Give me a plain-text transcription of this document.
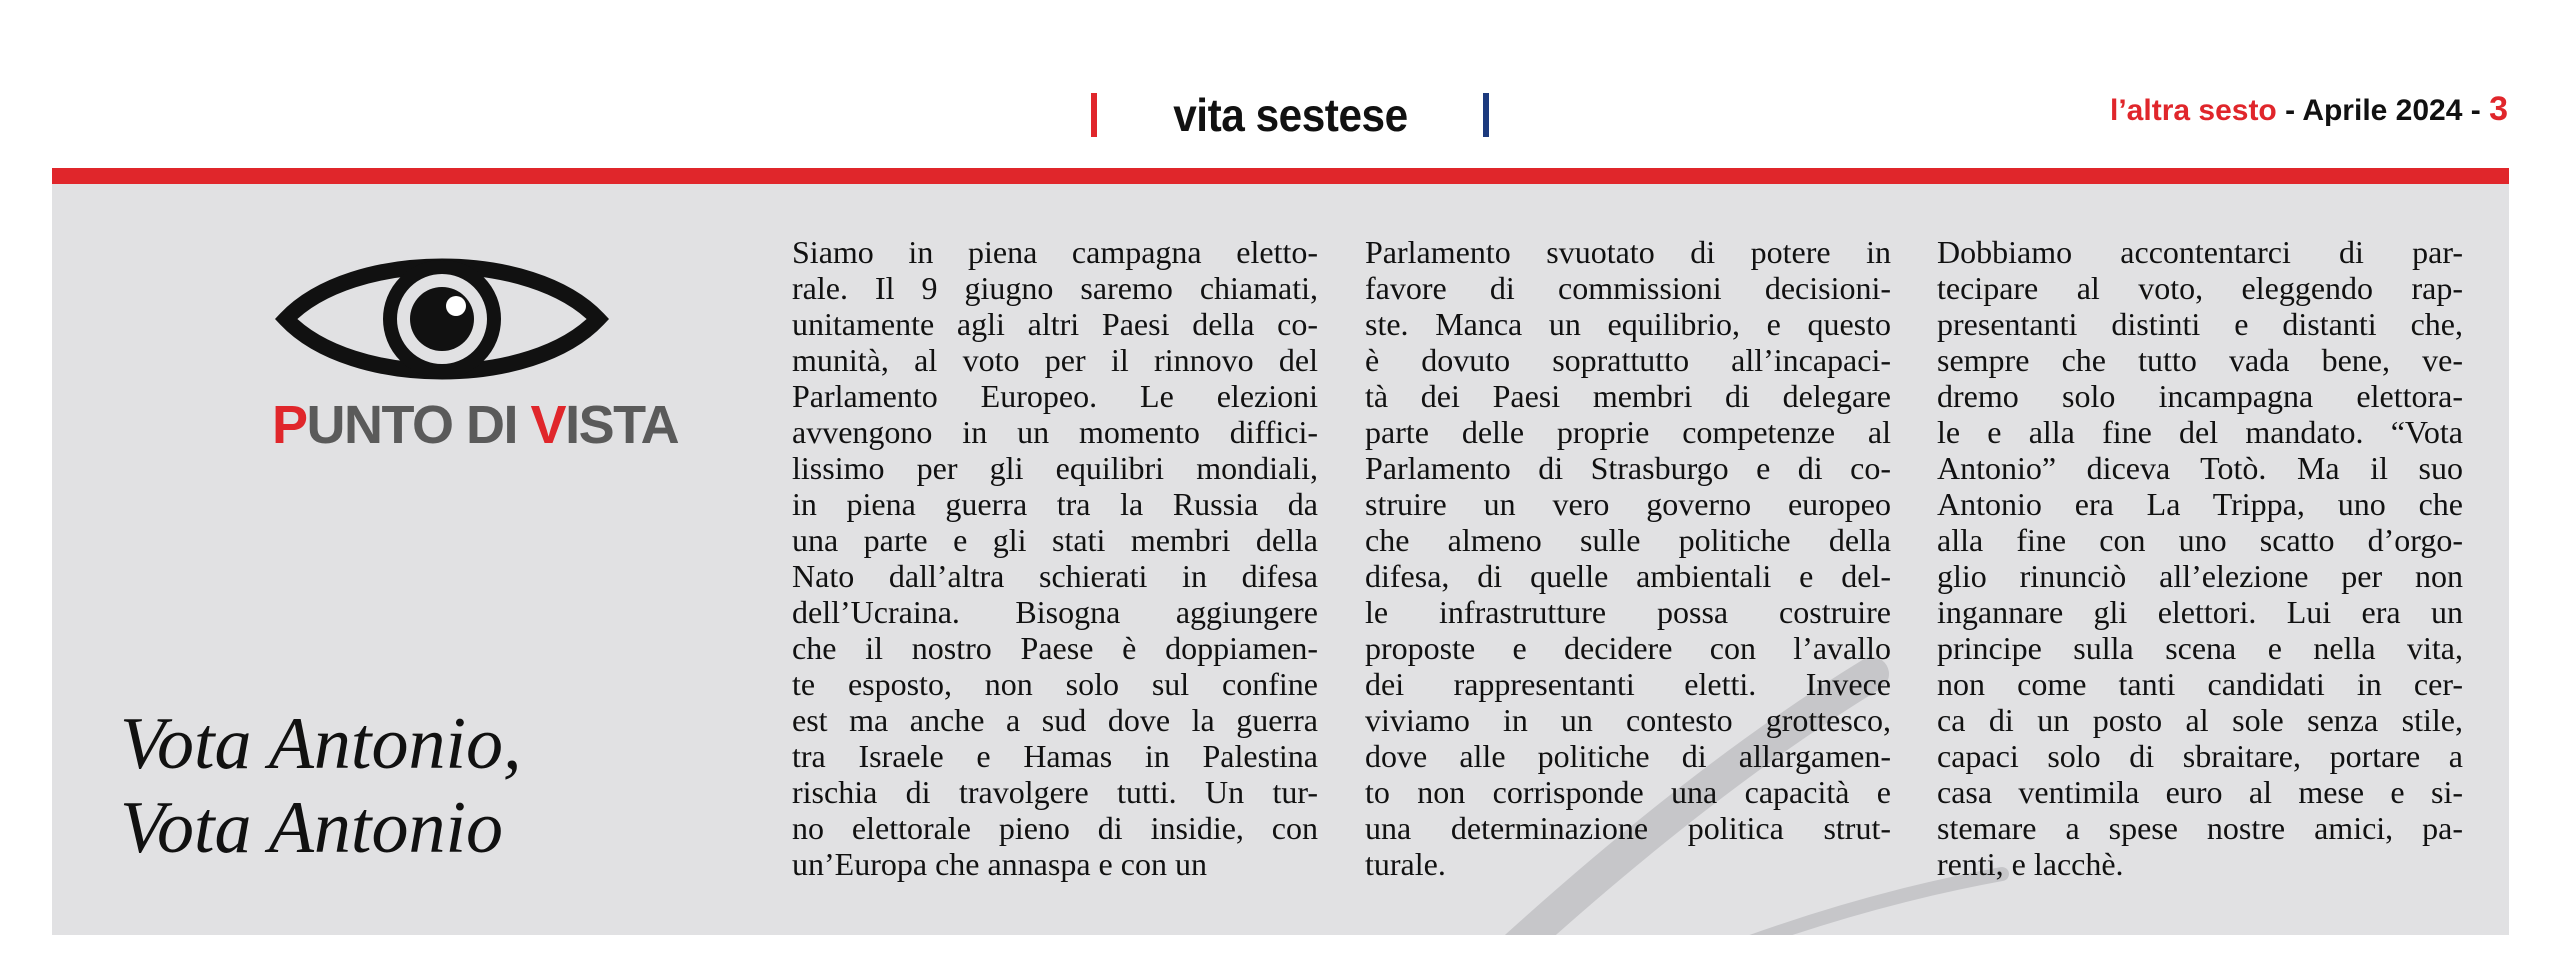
vita sestese	l’altra sesto - Aprile 2024 - 3
PUNTO DI VISTA
Vota Antonio,
Vota Antonio
Siamo in piena campagna eletto-
rale. Il 9 giugno saremo chiamati,
unitamente agli altri Paesi della co-
munità, al voto per il rinnovo del
Parlamento Europeo. Le elezioni
avvengono in un momento diffici-
lissimo per gli equilibri mondiali,
in piena guerra tra la Russia da
una parte e gli stati membri della
Nato dall’altra schierati in difesa
dell’Ucraina. Bisogna aggiungere
che il nostro Paese è doppiamen-
te esposto, non solo sul confine
est ma anche a sud dove la guerra
tra Israele e Hamas in Palestina
rischia di travolgere tutti. Un tur-
no elettorale pieno di insidie, con
un’Europa che annaspa e con un
Parlamento svuotato di potere in
favore di commissioni decisioni-
ste. Manca un equilibrio, e questo
è dovuto soprattutto all’incapaci-
tà dei Paesi membri di delegare
parte delle proprie competenze al
Parlamento di Strasburgo e di co-
struire un vero governo europeo
che almeno sulle politiche della
difesa, di quelle ambientali e del-
le infrastrutture possa costruire
proposte e decidere con l’avallo
dei rappresentanti eletti. Invece
viviamo in un contesto grottesco,
dove alle politiche di allargamen-
to non corrisponde una capacità e
una determinazione politica strut-
turale.
Dobbiamo accontentarci di par-
tecipare al voto, eleggendo rap-
presentanti distinti e distanti che,
sempre che tutto vada bene, ve-
dremo solo incampagna elettora-
le e alla fine del mandato. “Vota
Antonio” diceva Totò. Ma il suo
Antonio era La Trippa, uno che
alla fine con uno scatto d’orgo-
glio rinunciò all’elezione per non
ingannare gli elettori. Lui era un
principe sulla scena e nella vita,
non come tanti candidati in cer-
ca di un posto al sole senza stile,
capaci solo di sbraitare, portare a
casa ventimila euro al mese e si-
stemare a spese nostre amici, pa-
renti, e lacchè.
